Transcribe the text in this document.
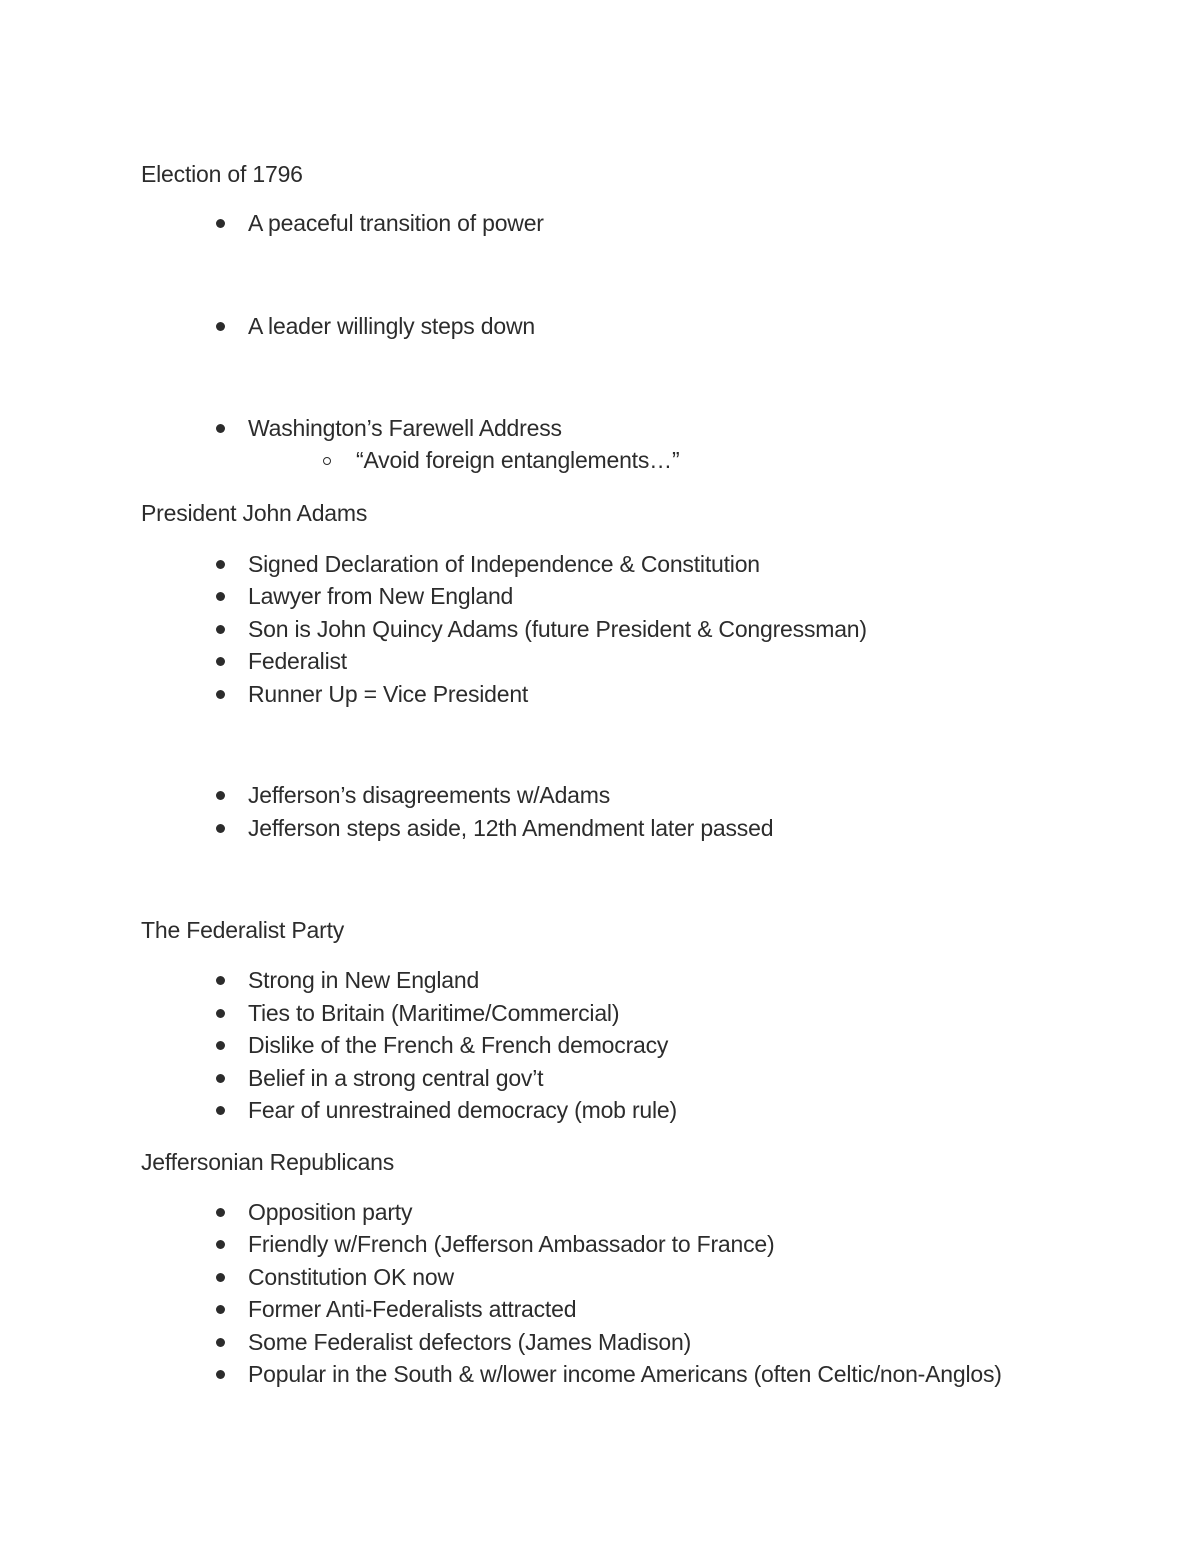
Election of 1796
A peaceful transition of power
A leader willingly steps down
Washington’s Farewell Address
“Avoid foreign entanglements…”
President John Adams
Signed Declaration of Independence & Constitution
Lawyer from New England
Son is John Quincy Adams (future President & Congressman)
Federalist
Runner Up = Vice President
Jefferson’s disagreements w/Adams
Jefferson steps aside, 12th Amendment later passed
The Federalist Party
Strong in New England
Ties to Britain (Maritime/Commercial)
Dislike of the French & French democracy
Belief in a strong central gov’t
Fear of unrestrained democracy (mob rule)
Jeffersonian Republicans
Opposition party
Friendly w/French (Jefferson Ambassador to France)
Constitution OK now
Former Anti-Federalists attracted
Some Federalist defectors (James Madison)
Popular in the South & w/lower income Americans (often Celtic/non-Anglos)
